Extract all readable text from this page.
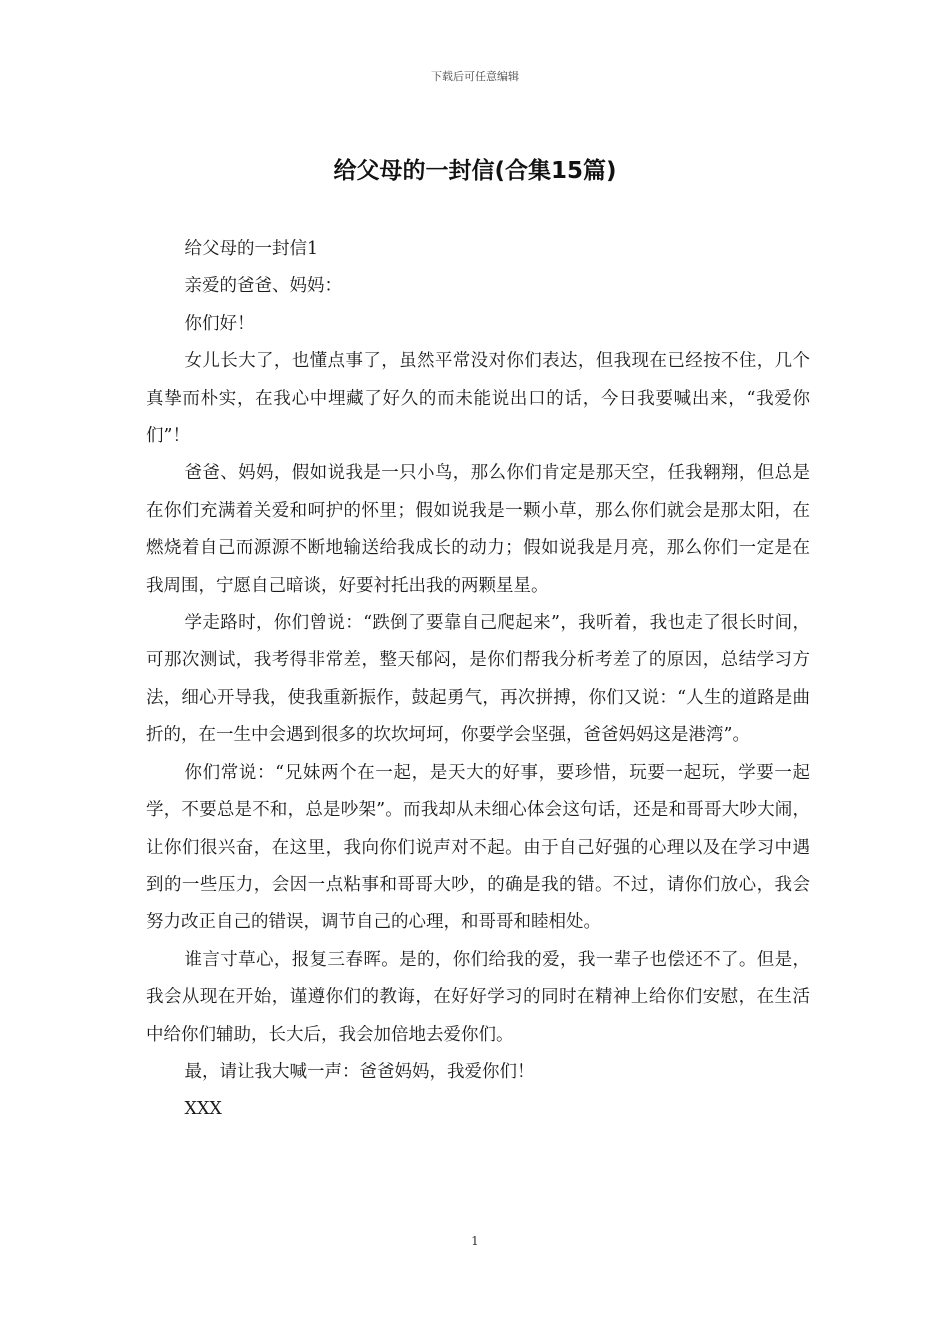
下载后可任意编辑
给父母的一封信(合集15篇)

给父母的一封信1

亲爱的爸爸、妈妈：

你们好！

女儿长大了，也懂点事了，虽然平常没对你们表达，但我现在已经按不住，几个真挚而朴实，在我心中埋藏了好久的而未能说出口的话，今日我要喊出来，“我爱你们”！

爸爸、妈妈，假如说我是一只小鸟，那么你们肯定是那天空，任我翱翔，但总是在你们充满着关爱和呵护的怀里；假如说我是一颗小草，那么你们就会是那太阳，在燃烧着自己而源源不断地输送给我成长的动力；假如说我是月亮，那么你们一定是在我周围，宁愿自己暗谈，好要衬托出我的两颗星星。

学走路时，你们曾说：“跌倒了要靠自己爬起来”，我听着，我也走了很长时间，可那次测试，我考得非常差，整天郁闷，是你们帮我分析考差了的原因，总结学习方法，细心开导我，使我重新振作，鼓起勇气，再次拼搏，你们又说：“人生的道路是曲折的，在一生中会遇到很多的坎坎坷坷，你要学会坚强，爸爸妈妈这是港湾”。

你们常说：“兄妹两个在一起，是天大的好事，要珍惜，玩要一起玩，学要一起学，不要总是不和，总是吵架”。而我却从未细心体会这句话，还是和哥哥大吵大闹，让你们很兴奋，在这里，我向你们说声对不起。由于自己好强的心理以及在学习中遇到的一些压力，会因一点粘事和哥哥大吵，的确是我的错。不过，请你们放心，我会努力改正自己的错误，调节自己的心理，和哥哥和睦相处。

谁言寸草心，报复三春晖。是的，你们给我的爱，我一辈子也偿还不了。但是，我会从现在开始，谨遵你们的教诲，在好好学习的同时在精神上给你们安慰，在生活中给你们辅助，长大后，我会加倍地去爱你们。

最，请让我大喊一声：爸爸妈妈，我爱你们！

XXX

1
